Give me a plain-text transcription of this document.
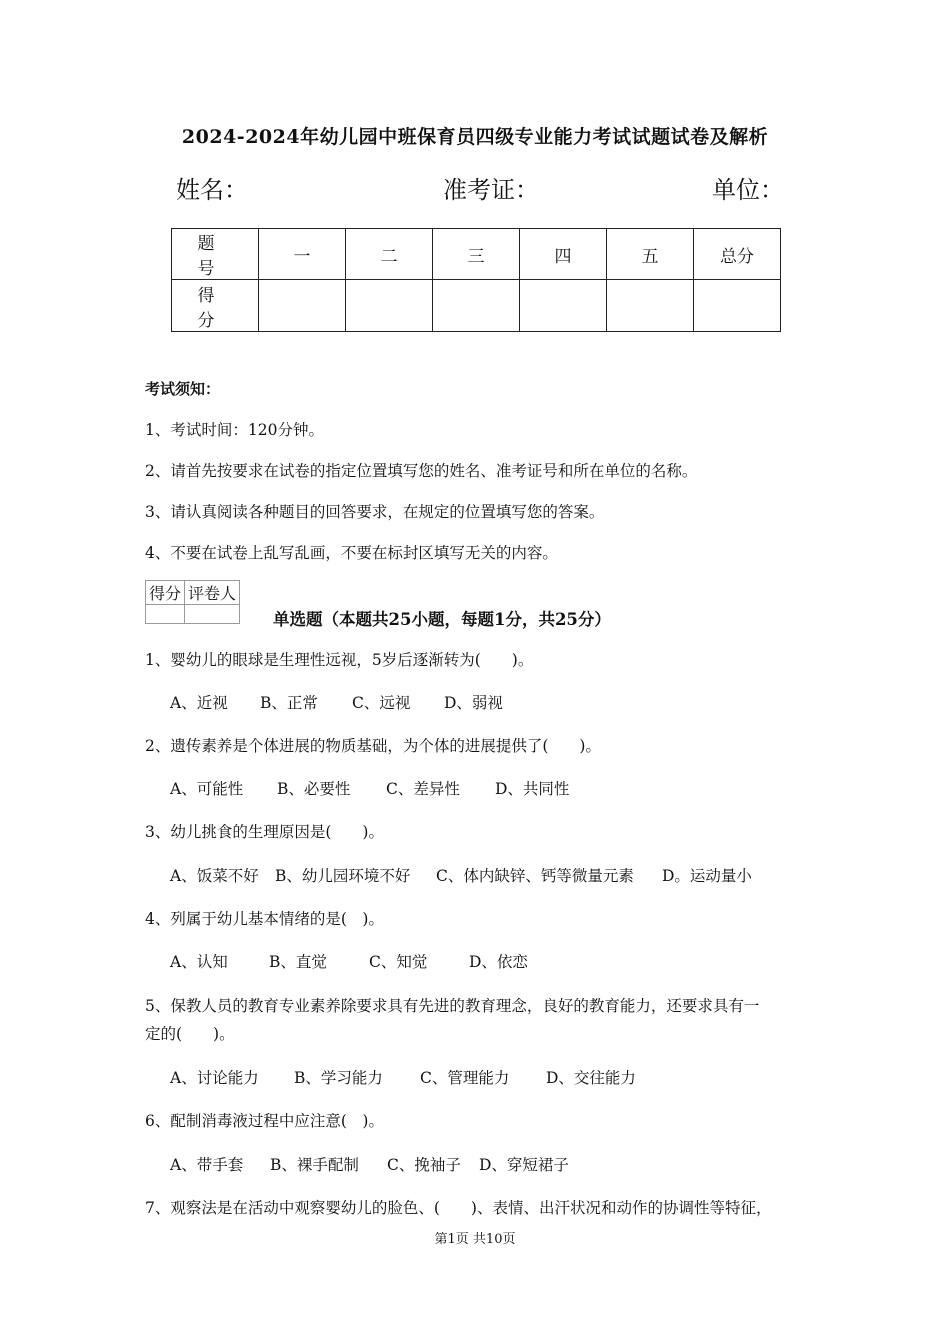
2024-2024年幼儿园中班保育员四级专业能力考试试题试卷及解析
姓名：	准考证：	单位：
题 号	一	二	三	四	五	总分
得 分						
考试须知：
1、考试时间：120分钟。
2、请首先按要求在试卷的指定位置填写您的姓名、准考证号和所在单位的名称。
3、请认真阅读各种题目的回答要求，在规定的位置填写您的答案。
4、不要在试卷上乱写乱画，不要在标封区填写无关的内容。
得分	评卷人

单选题（本题共25小题，每题1分，共25分）
1、婴幼儿的眼球是生理性远视，5岁后逐渐转为(　　)。
A、近视 B、正常 C、远视 D、弱视
2、遗传素养是个体进展的物质基础，为个体的进展提供了(　　)。
A、可能性 B、必要性 C、差异性 D、共同性
3、幼儿挑食的生理原因是(　　)。
A、饭菜不好 B、幼儿园环境不好 C、体内缺锌、钙等微量元素 D。运动量小
4、列属于幼儿基本情绪的是(　)。
A、认知	B、直觉	C、知觉	D、依恋
5、保教人员的教育专业素养除要求具有先进的教育理念，良好的教育能力，还要求具有一
定的(　　)。
A、讨论能力 B、学习能力 C、管理能力 D、交往能力
6、配制消毒液过程中应注意(　)。
A、带手套 B、裸手配制 C、挽袖子 D、穿短裙子
7、观察法是在活动中观察婴幼儿的脸色、(　　)、表情、出汗状况和动作的协调性等特征，
第1页 共10页
